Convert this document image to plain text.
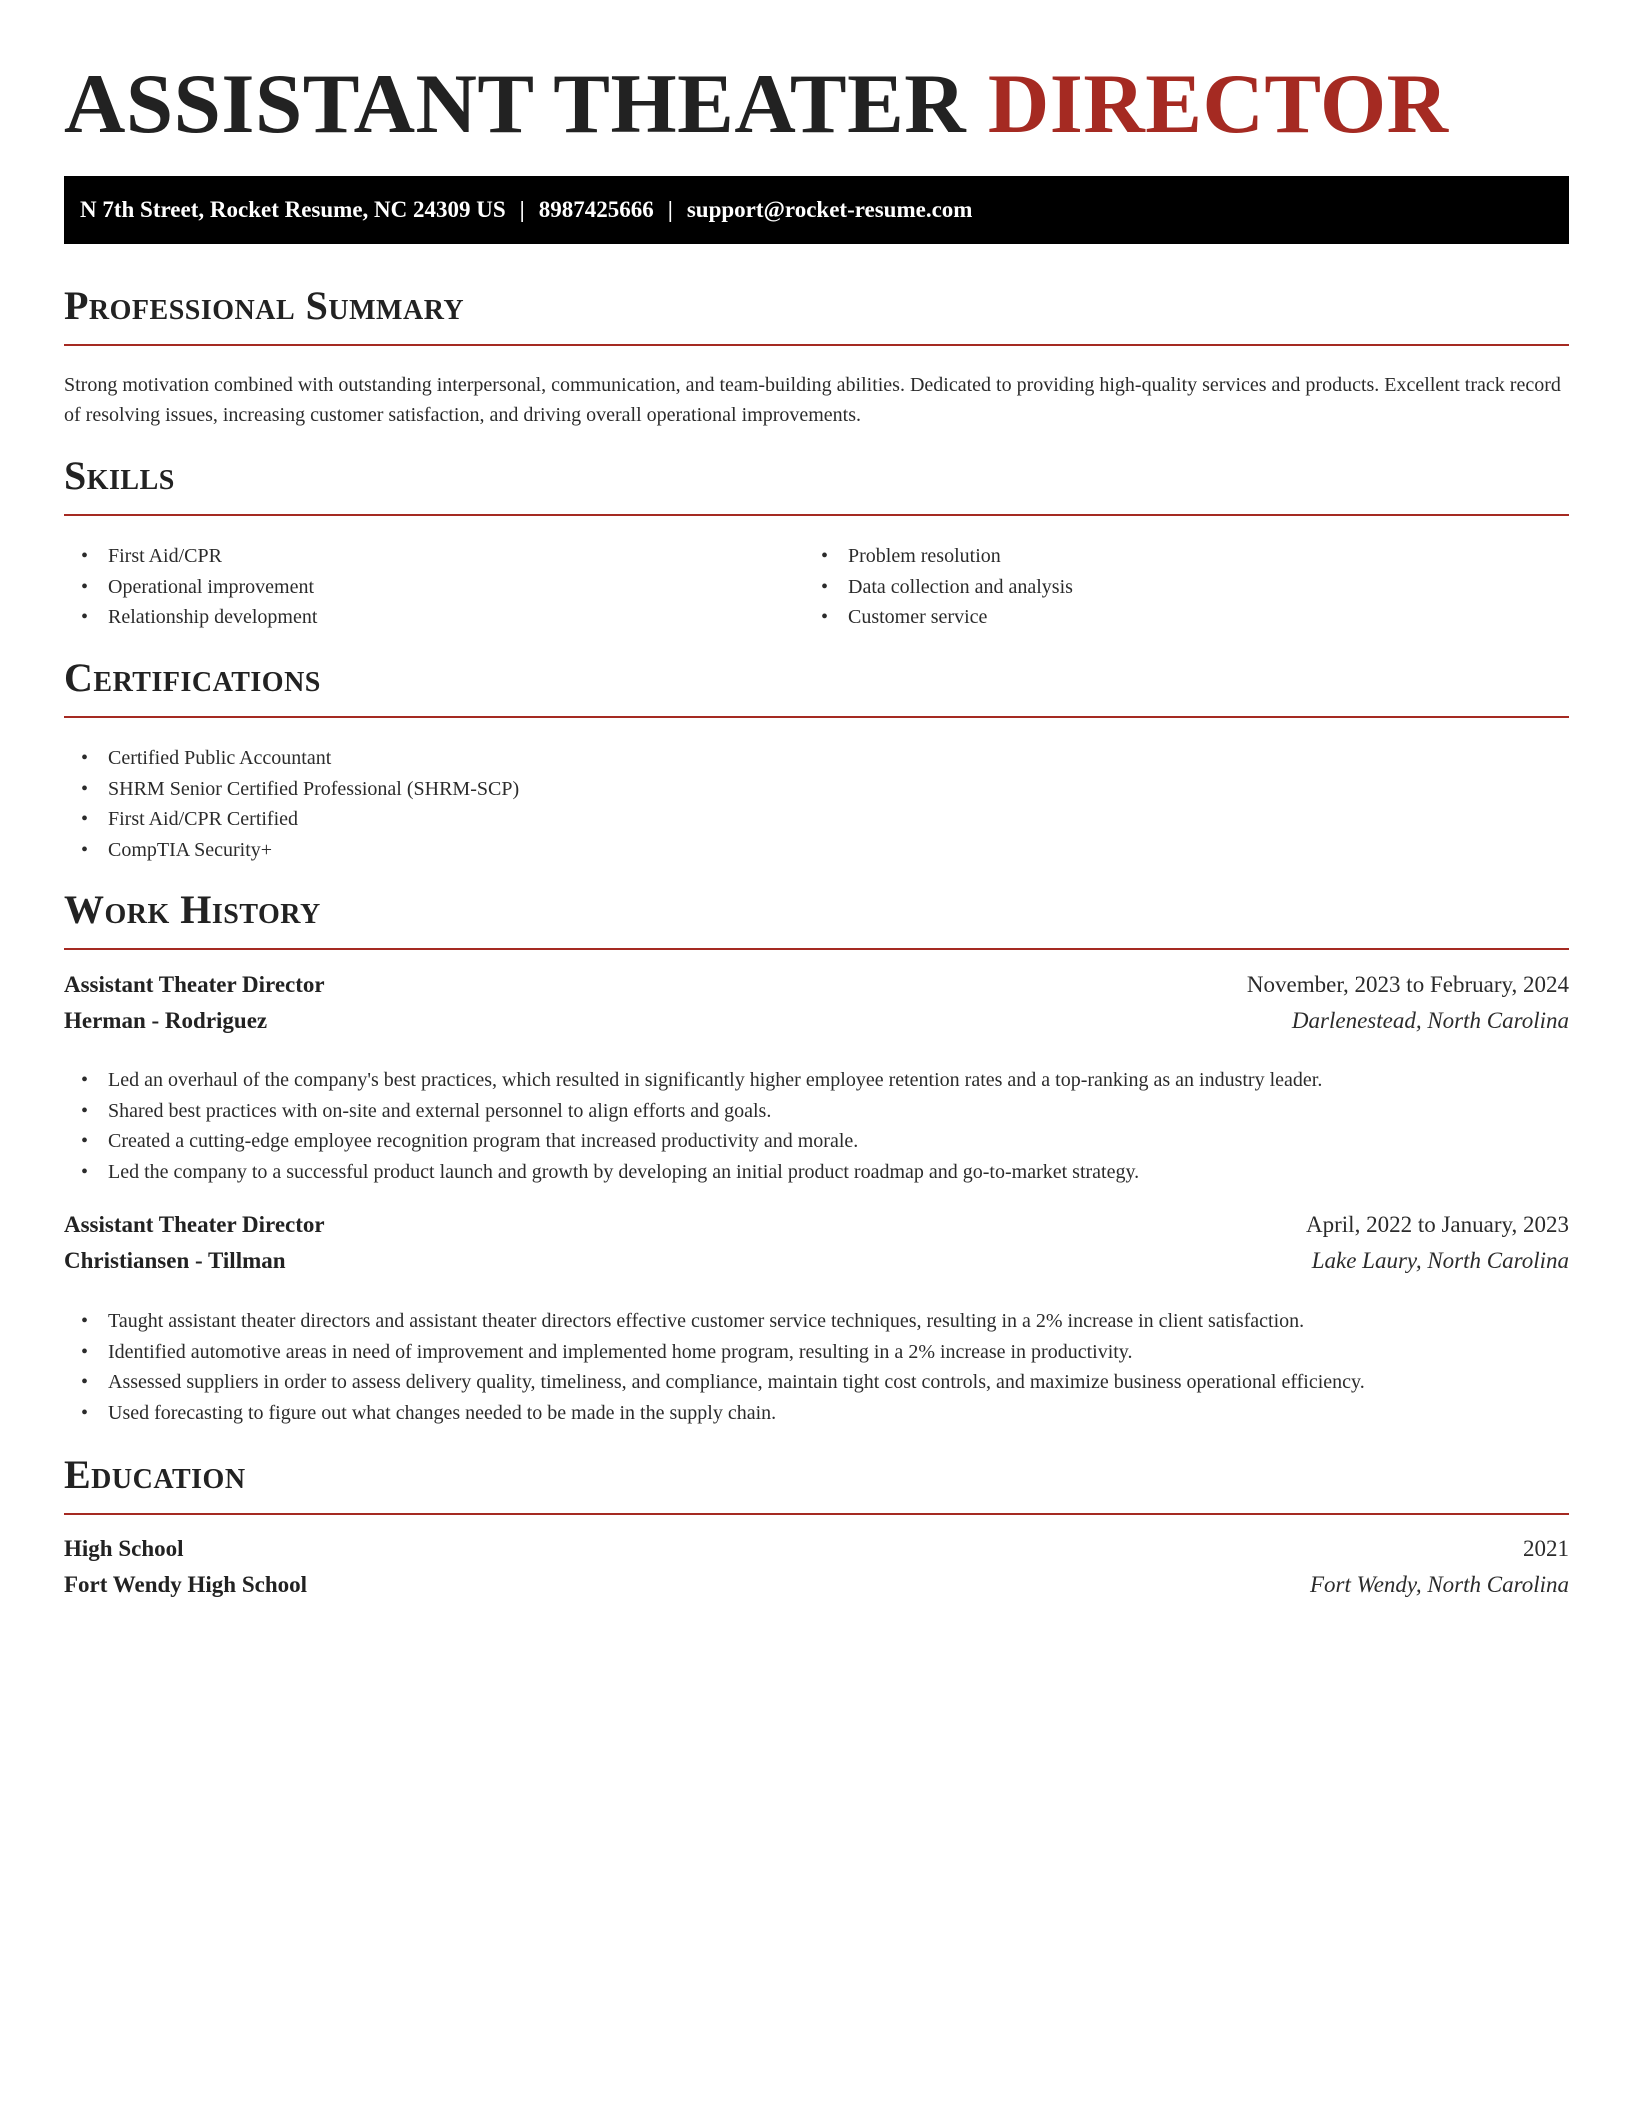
ASSISTANT THEATER DIRECTOR
N 7th Street, Rocket Resume, NC 24309 US | 8987425666 | support@rocket-resume.com
Professional Summary

Strong motivation combined with outstanding interpersonal, communication, and team-building abilities. Dedicated to providing high-quality services and products. Excellent track record of resolving issues, increasing customer satisfaction, and driving overall operational improvements.

Skills
• First Aid/CPR
• Operational improvement
• Relationship development
• Problem resolution
• Data collection and analysis
• Customer service
Certifications
• Certified Public Accountant
• SHRM Senior Certified Professional (SHRM-SCP)
• First Aid/CPR Certified
• CompTIA Security+
Work History
Assistant Theater Director	November, 2023 to February, 2024
Herman - Rodriguez	Darlenestead, North Carolina
• Led an overhaul of the company's best practices, which resulted in significantly higher employee retention rates and a top-ranking as an industry leader.
• Shared best practices with on-site and external personnel to align efforts and goals.
• Created a cutting-edge employee recognition program that increased productivity and morale.
• Led the company to a successful product launch and growth by developing an initial product roadmap and go-to-market strategy.
Assistant Theater Director	April, 2022 to January, 2023
Christiansen - Tillman	Lake Laury, North Carolina
• Taught assistant theater directors and assistant theater directors effective customer service techniques, resulting in a 2% increase in client satisfaction.
• Identified automotive areas in need of improvement and implemented home program, resulting in a 2% increase in productivity.
• Assessed suppliers in order to assess delivery quality, timeliness, and compliance, maintain tight cost controls, and maximize business operational efficiency.
• Used forecasting to figure out what changes needed to be made in the supply chain.
Education
High School	2021
Fort Wendy High School	Fort Wendy, North Carolina
